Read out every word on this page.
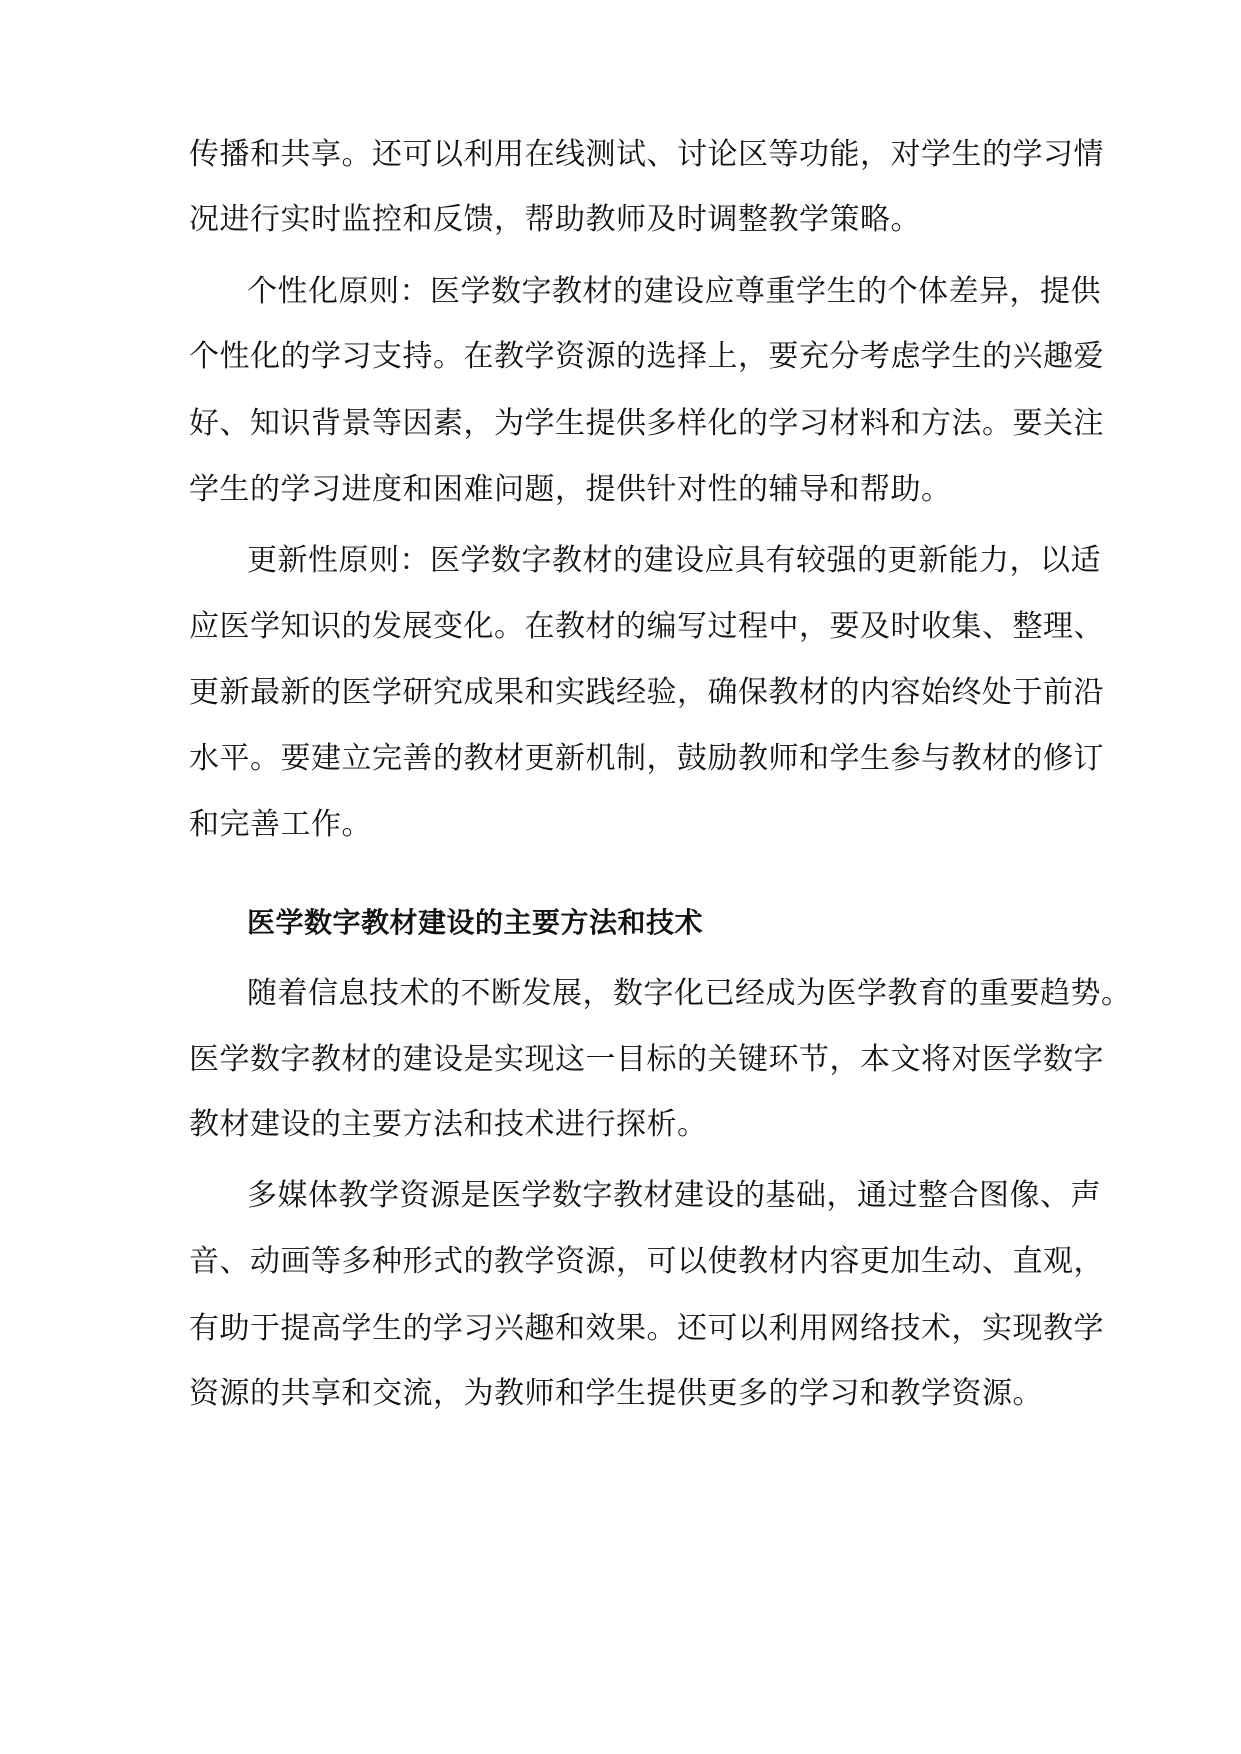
传播和共享。还可以利用在线测试、讨论区等功能，对学生的学习情
况进行实时监控和反馈，帮助教师及时调整教学策略。
个性化原则：医学数字教材的建设应尊重学生的个体差异，提供
个性化的学习支持。在教学资源的选择上，要充分考虑学生的兴趣爱
好、知识背景等因素，为学生提供多样化的学习材料和方法。要关注
学生的学习进度和困难问题，提供针对性的辅导和帮助。
更新性原则：医学数字教材的建设应具有较强的更新能力，以适
应医学知识的发展变化。在教材的编写过程中，要及时收集、整理、
更新最新的医学研究成果和实践经验，确保教材的内容始终处于前沿
水平。要建立完善的教材更新机制，鼓励教师和学生参与教材的修订
和完善工作。
医学数字教材建设的主要方法和技术
随着信息技术的不断发展，数字化已经成为医学教育的重要趋势。
医学数字教材的建设是实现这一目标的关键环节，本文将对医学数字
教材建设的主要方法和技术进行探析。
多媒体教学资源是医学数字教材建设的基础，通过整合图像、声
音、动画等多种形式的教学资源，可以使教材内容更加生动、直观，
有助于提高学生的学习兴趣和效果。还可以利用网络技术，实现教学
资源的共享和交流，为教师和学生提供更多的学习和教学资源。
